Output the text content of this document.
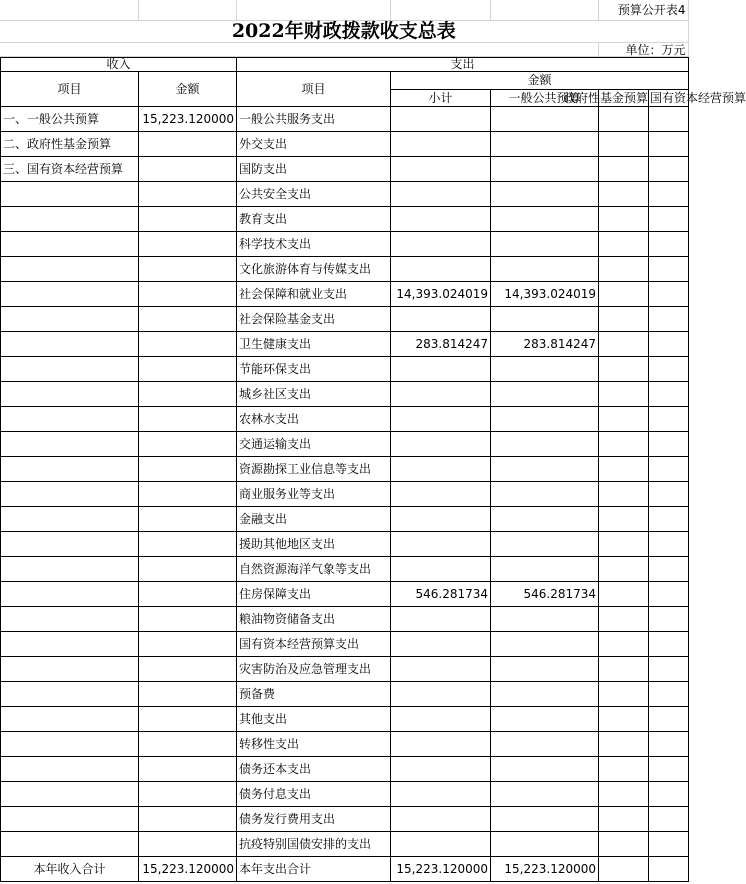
					预算公开表4
2022年财政拨款收支总表					
					单位：万元
收入		支出				
项目	金额	项目	金额			
			小计	一般公共预算	政府性基金预算	国有资本经营预算
一、一般公共预算	15,223.120000	一般公共服务支出				
二、政府性基金预算		外交支出				
三、国有资本经营预算		国防支出				
		公共安全支出				
		教育支出				
		科学技术支出				
		文化旅游体育与传媒支出				
		社会保障和就业支出	14,393.024019	14,393.024019		
		社会保险基金支出				
		卫生健康支出	283.814247	283.814247		
		节能环保支出				
		城乡社区支出				
		农林水支出				
		交通运输支出				
		资源勘探工业信息等支出				
		商业服务业等支出				
		金融支出				
		援助其他地区支出				
		自然资源海洋气象等支出				
		住房保障支出	546.281734	546.281734		
		粮油物资储备支出				
		国有资本经营预算支出				
		灾害防治及应急管理支出				
		预备费				
		其他支出				
		转移性支出				
		债务还本支出				
		债务付息支出				
		债务发行费用支出				
		抗疫特别国债安排的支出				
本年收入合计	15,223.120000	本年支出合计	15,223.120000	15,223.120000		
